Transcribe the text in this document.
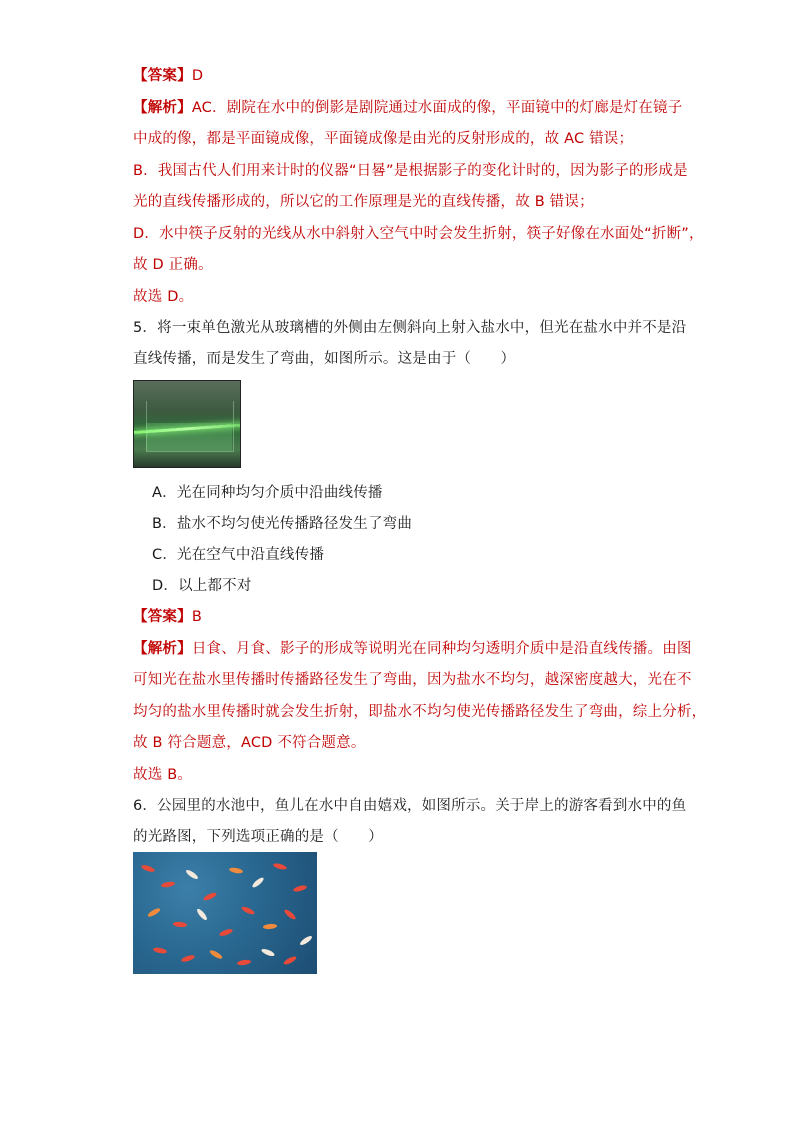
【答案】D
【解析】AC．剧院在水中的倒影是剧院通过水面成的像，平面镜中的灯廊是灯在镜子
中成的像，都是平面镜成像，平面镜成像是由光的反射形成的，故 AC 错误；
B．我国古代人们用来计时的仪器“日晷”是根据影子的变化计时的，因为影子的形成是
光的直线传播形成的，所以它的工作原理是光的直线传播，故 B 错误；
D．水中筷子反射的光线从水中斜射入空气中时会发生折射，筷子好像在水面处“折断”，
故 D 正确。
故选 D。
5．将一束单色激光从玻璃槽的外侧由左侧斜向上射入盐水中，但光在盐水中并不是沿
直线传播，而是发生了弯曲，如图所示。这是由于（　　）
A．光在同种均匀介质中沿曲线传播
B．盐水不均匀使光传播路径发生了弯曲
C．光在空气中沿直线传播
D．以上都不对
【答案】B
【解析】日食、月食、影子的形成等说明光在同种均匀透明介质中是沿直线传播。由图
可知光在盐水里传播时传播路径发生了弯曲，因为盐水不均匀，越深密度越大，光在不
均匀的盐水里传播时就会发生折射，即盐水不均匀使光传播路径发生了弯曲，综上分析，
故 B 符合题意，ACD 不符合题意。
故选 B。
6．公园里的水池中，鱼儿在水中自由嬉戏，如图所示。关于岸上的游客看到水中的鱼
的光路图，下列选项正确的是（　　）
